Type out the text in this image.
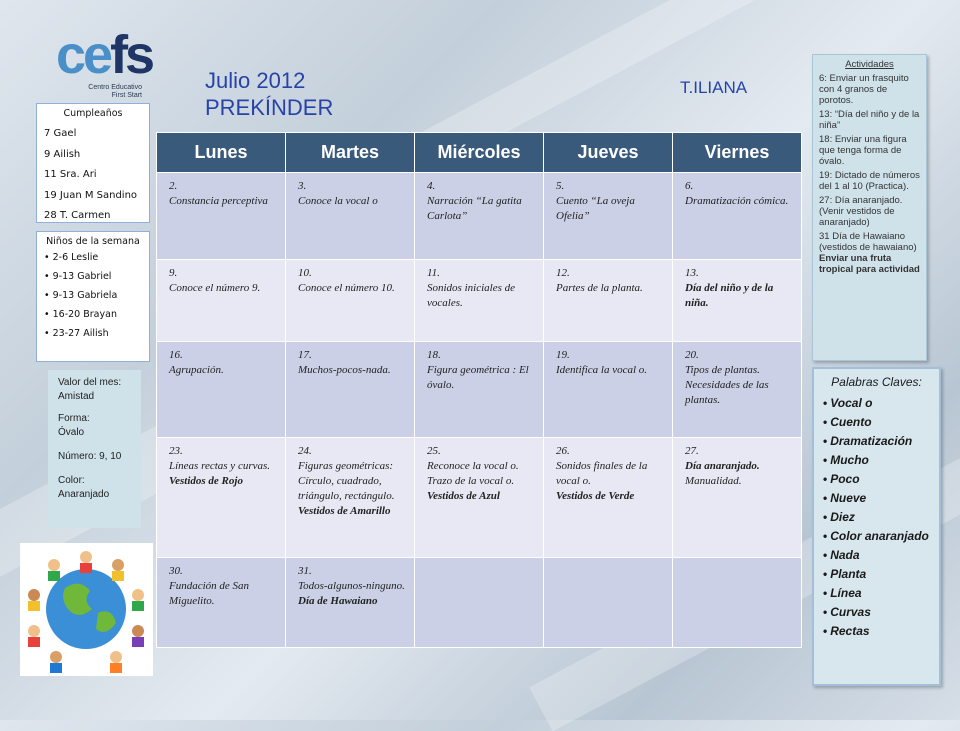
cefs
Centro Educativo First Start
Julio 2012
PREKÍNDER
T.ILIANA
Cumpleaños
7 Gael
9 Ailish
11 Sra. Ari
19 Juan M Sandino
28 T. Carmen
Niños de la semana
• 2-6 Leslie
• 9-13 Gabriel
• 9-13 Gabriela
• 16-20 Brayan
• 23-27 Ailish
Valor del mes:
Amistad
Forma:
Óvalo
Número: 9, 10
Color:
Anaranjado
Lunes	Martes	Miércoles	Jueves	Viernes

2.
Constancia perceptiva	3.
Conoce la vocal o	4.
Narración “La gatita Carlota”	5.
Cuento “La oveja Ofelia”	6.
Dramatización cómica.

9.
Conoce el número 9.	10.
Conoce el número 10.	11.
Sonidos iniciales de vocales.	12.
Partes de la planta.	13.
Día del niño y de la niña.

16.
Agrupación.	17.
Muchos-pocos-nada.	18.
Figura geométrica : El óvalo.	19.
Identifica la vocal o.	20.
Tipos de plantas. Necesidades de las plantas.

23.
Líneas rectas y curvas.
Vestidos de Rojo	24.
Figuras geométricas: Círculo, cuadrado, triángulo, rectángulo.
Vestidos de Amarillo	25.
Reconoce la vocal o. Trazo de la vocal o.
Vestidos de Azul	26.
Sonidos finales de la vocal o.
Vestidos de Verde	27.
Día anaranjado.
Manualidad.

30.
Fundación de San Miguelito.	31.
Todos-algunos-ninguno.
Día de Hawaiano			

Actividades
6: Enviar un frasquito con 4 granos de porotos.
13: “Día del niño y de la niña”
18: Enviar una figura que tenga forma de óvalo.
19: Dictado de números del 1 al 10 (Practica).
27: Día anaranjado. (Venir vestidos de anaranjado)
31 Día de Hawaiano (vestidos de hawaiano)
Enviar una fruta tropical para actividad
Palabras Claves:
• Vocal o
• Cuento
• Dramatización
• Mucho
• Poco
• Nueve
• Diez
• Color anaranjado
• Nada
• Planta
• Línea
• Curvas
• Rectas
